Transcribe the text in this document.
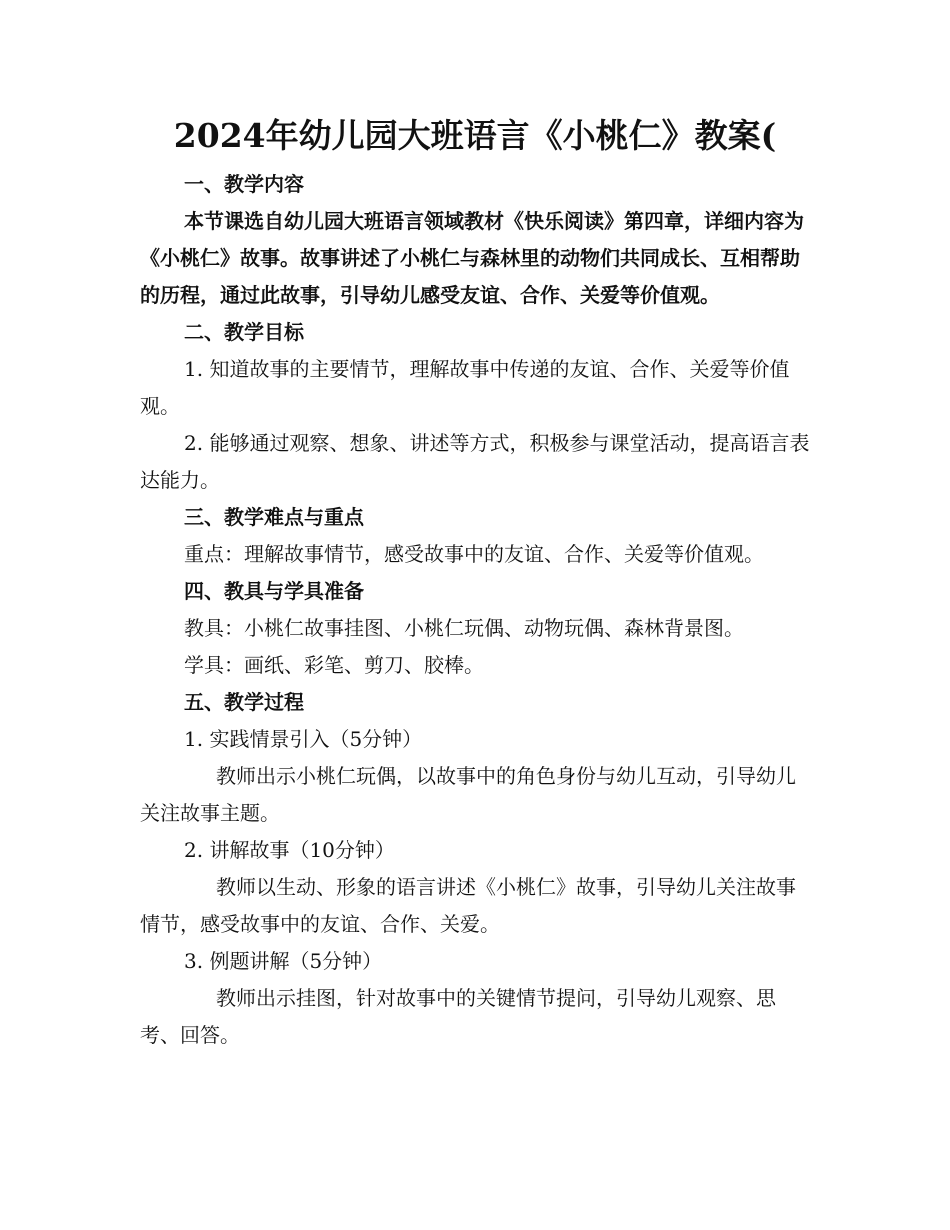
2024年幼儿园大班语言《小桃仁》教案(

一、教学内容

本节课选自幼儿园大班语言领域教材《快乐阅读》第四章，详细内容为《小桃仁》故事。故事讲述了小桃仁与森林里的动物们共同成长、互相帮助的历程，通过此故事，引导幼儿感受友谊、合作、关爱等价值观。

二、教学目标

1. 知道故事的主要情节，理解故事中传递的友谊、合作、关爱等价值观。

2. 能够通过观察、想象、讲述等方式，积极参与课堂活动，提高语言表达能力。

三、教学难点与重点

重点：理解故事情节，感受故事中的友谊、合作、关爱等价值观。

四、教具与学具准备

教具：小桃仁故事挂图、小桃仁玩偶、动物玩偶、森林背景图。

学具：画纸、彩笔、剪刀、胶棒。

五、教学过程

1. 实践情景引入（5分钟）

教师出示小桃仁玩偶，以故事中的角色身份与幼儿互动，引导幼儿关注故事主题。

2. 讲解故事（10分钟）

教师以生动、形象的语言讲述《小桃仁》故事，引导幼儿关注故事情节，感受故事中的友谊、合作、关爱。

3. 例题讲解（5分钟）

教师出示挂图，针对故事中的关键情节提问，引导幼儿观察、思考、回答。
